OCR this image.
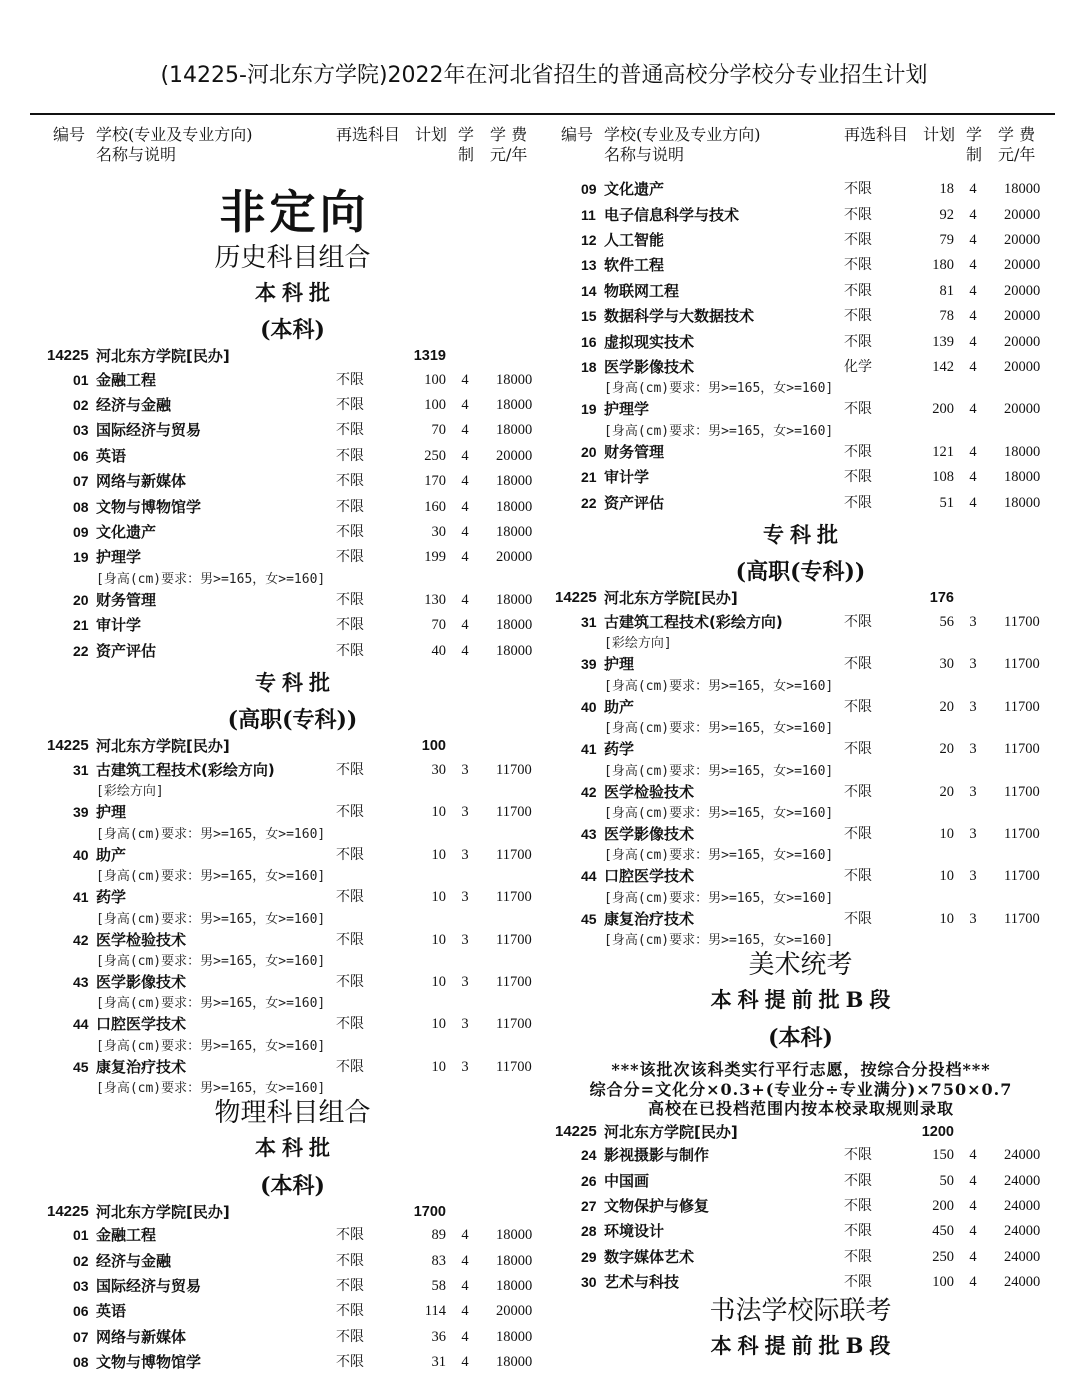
(14225-河北东方学院)2022年在河北省招生的普通高校分学校分专业招生计划
编号 学校(专业及专业方向)
名称与说明
再选科目 计划 学
制
学 费
元/年
编号 学校(专业及专业方向)
名称与说明
再选科目 计划 学
制
学 费
元/年
非定向
历史科目组合
本科批
(本科)
14225 河北东方学院[民办]	1319
01 金融工程	不限	100 4 18000
02 经济与金融	不限	100 4 18000
03 国际经济与贸易	不限	70 4 18000
06 英语	不限	250 4 20000
07 网络与新媒体	不限	170 4 18000
08 文物与博物馆学	不限	160 4 18000
09 文化遗产	不限	30 4 18000
19 护理学	不限	199 4 20000
[身高(cm)要求：男>=165，女>=160]
20 财务管理	不限	130 4 18000
21 审计学	不限	70 4 18000
22 资产评估	不限	40 4 18000
专科批
(高职(专科))
14225 河北东方学院[民办]	100
31 古建筑工程技术(彩绘方向)	不限	30 3 11700
[彩绘方向]
39 护理	不限	10 3 11700
[身高(cm)要求：男>=165，女>=160]
40 助产	不限	10 3 11700
[身高(cm)要求：男>=165，女>=160]
41 药学	不限	10 3 11700
[身高(cm)要求：男>=165，女>=160]
42 医学检验技术	不限	10 3 11700
[身高(cm)要求：男>=165，女>=160]
43 医学影像技术	不限	10 3 11700
[身高(cm)要求：男>=165，女>=160]
44 口腔医学技术	不限	10 3 11700
[身高(cm)要求：男>=165，女>=160]
45 康复治疗技术	不限	10 3 11700
[身高(cm)要求：男>=165，女>=160]
物理科目组合
本科批
(本科)
14225 河北东方学院[民办]	1700
01 金融工程	不限	89 4 18000
02 经济与金融	不限	83 4 18000
03 国际经济与贸易	不限	58 4 18000
06 英语	不限	114 4 20000
07 网络与新媒体	不限	36 4 18000
08 文物与博物馆学	不限	31 4 18000
09 文化遗产	不限	18 4 18000
11 电子信息科学与技术	不限	92 4 20000
12 人工智能	不限	79 4 20000
13 软件工程	不限	180 4 20000
14 物联网工程	不限	81 4 20000
15 数据科学与大数据技术	不限	78 4 20000
16 虚拟现实技术	不限	139 4 20000
18 医学影像技术	化学	142 4 20000
[身高(cm)要求：男>=165，女>=160]
19 护理学	不限	200 4 20000
[身高(cm)要求：男>=165，女>=160]
20 财务管理	不限	121 4 18000
21 审计学	不限	108 4 18000
22 资产评估	不限	51 4 18000
专科批
(高职(专科))
14225 河北东方学院[民办]	176
31 古建筑工程技术(彩绘方向)	不限	56 3 11700
[彩绘方向]
39 护理	不限	30 3 11700
[身高(cm)要求：男>=165，女>=160]
40 助产	不限	20 3 11700
[身高(cm)要求：男>=165，女>=160]
41 药学	不限	20 3 11700
[身高(cm)要求：男>=165，女>=160]
42 医学检验技术	不限	20 3 11700
[身高(cm)要求：男>=165，女>=160]
43 医学影像技术	不限	10 3 11700
[身高(cm)要求：男>=165，女>=160]
44 口腔医学技术	不限	10 3 11700
[身高(cm)要求：男>=165，女>=160]
45 康复治疗技术	不限	10 3 11700
[身高(cm)要求：男>=165，女>=160]
美术统考
本科提前批B段
(本科)
***该批次该科类实行平行志愿，按综合分投档***
综合分=文化分×0.3+(专业分÷专业满分)×750×0.7
高校在已投档范围内按本校录取规则录取
14225 河北东方学院[民办]	1200
24 影视摄影与制作	不限	150 4 24000
26 中国画	不限	50 4 24000
27 文物保护与修复	不限	200 4 24000
28 环境设计	不限	450 4 24000
29 数字媒体艺术	不限	250 4 24000
30 艺术与科技	不限	100 4 24000
书法学校际联考
本科提前批B段
